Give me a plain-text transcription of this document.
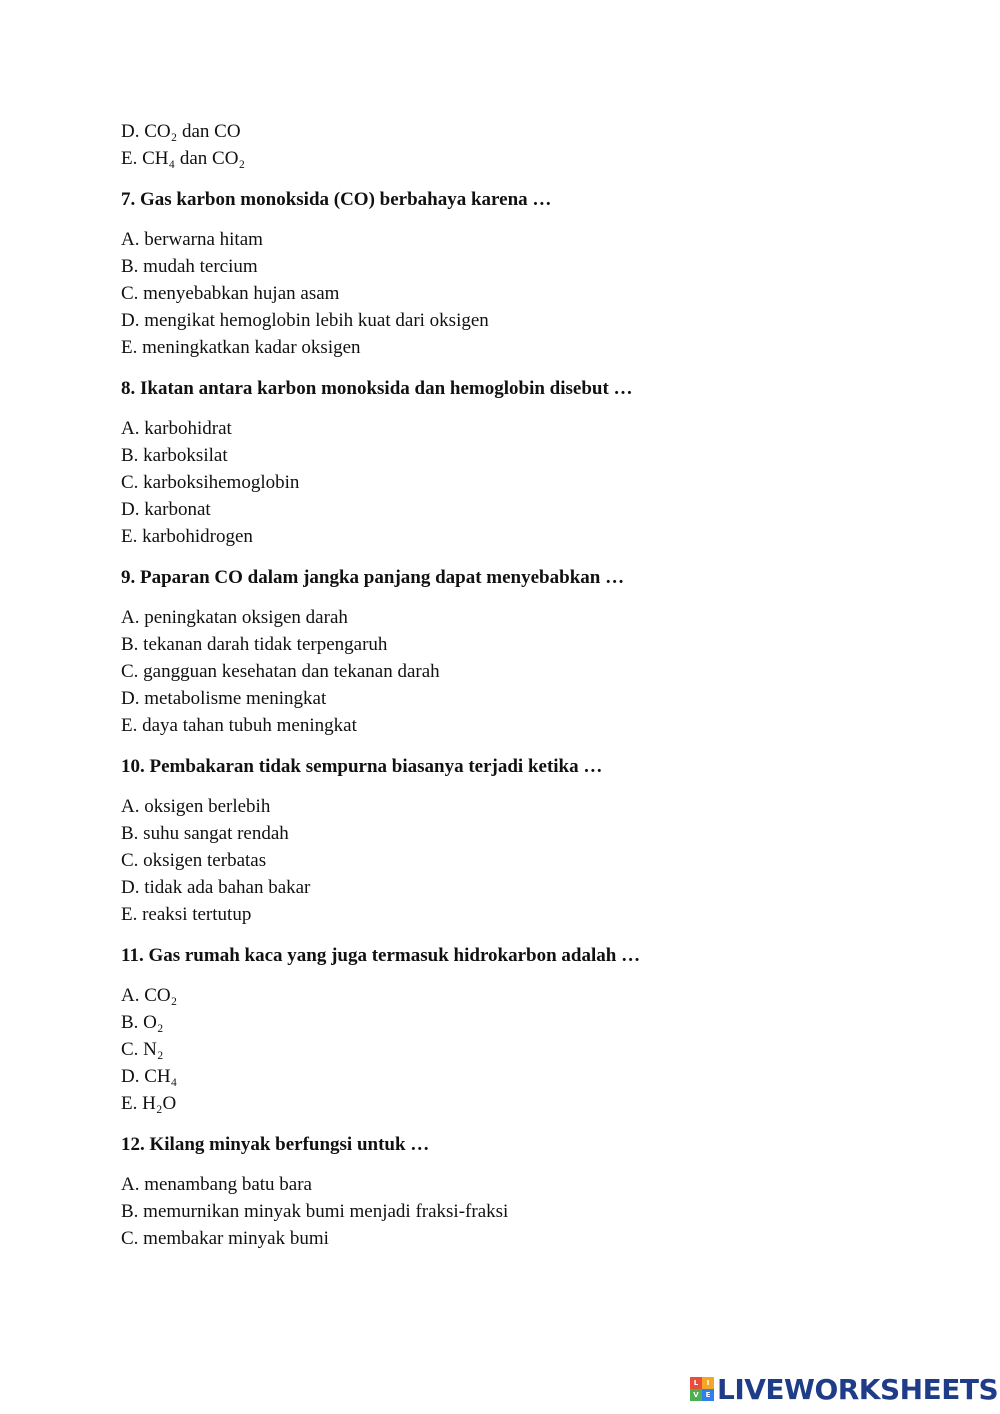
D. CO₂ dan CO
E. CH₄ dan CO₂
7. Gas karbon monoksida (CO) berbahaya karena …
A. berwarna hitam
B. mudah tercium
C. menyebabkan hujan asam
D. mengikat hemoglobin lebih kuat dari oksigen
E. meningkatkan kadar oksigen
8. Ikatan antara karbon monoksida dan hemoglobin disebut …
A. karbohidrat
B. karboksilat
C. karboksihemoglobin
D. karbonat
E. karbohidrogen
9. Paparan CO dalam jangka panjang dapat menyebabkan …
A. peningkatan oksigen darah
B. tekanan darah tidak terpengaruh
C. gangguan kesehatan dan tekanan darah
D. metabolisme meningkat
E. daya tahan tubuh meningkat
10. Pembakaran tidak sempurna biasanya terjadi ketika …
A. oksigen berlebih
B. suhu sangat rendah
C. oksigen terbatas
D. tidak ada bahan bakar
E. reaksi tertutup
11. Gas rumah kaca yang juga termasuk hidrokarbon adalah …
A. CO₂
B. O₂
C. N₂
D. CH₄
E. H₂O
12. Kilang minyak berfungsi untuk …
A. menambang batu bara
B. memurnikan minyak bumi menjadi fraksi-fraksi
C. membakar minyak bumi
L	I
V E LIVEWORKSHEETS
